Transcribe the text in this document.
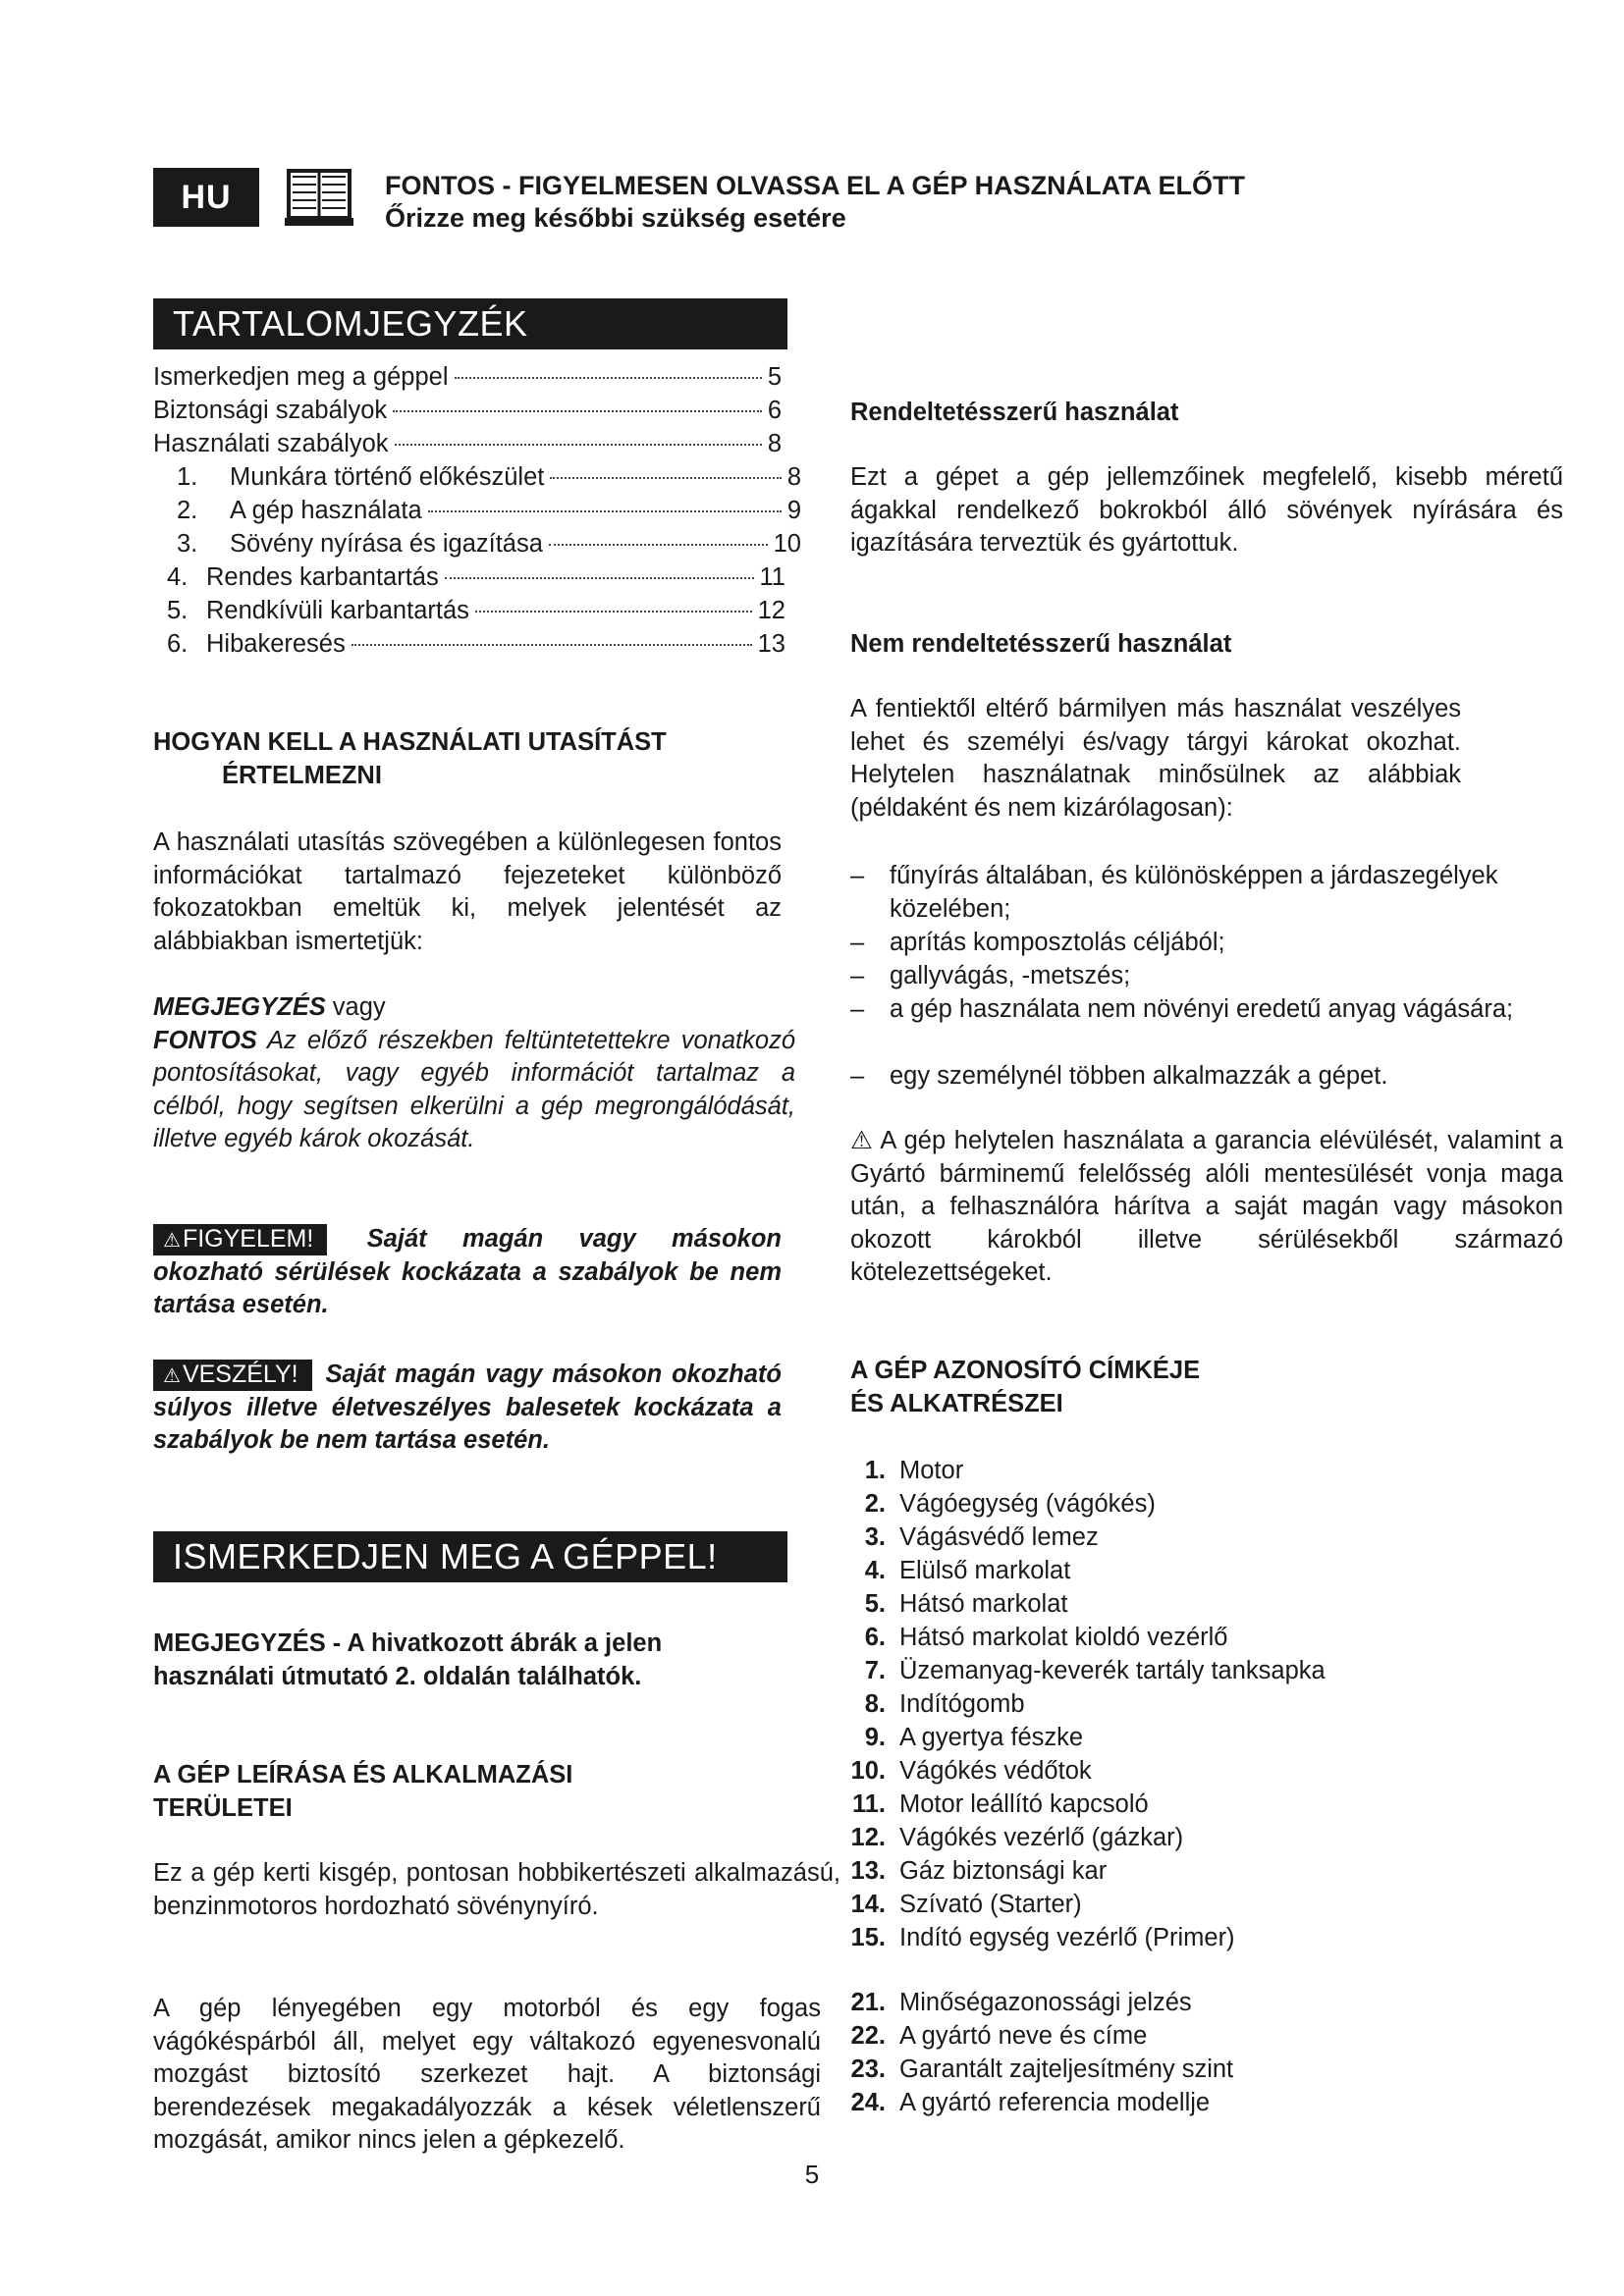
HU	FONTOS - FIGYELMESEN OLVASSA EL A GÉP HASZNÁLATA ELŐTT
Őrizze meg későbbi szükség esetére
TARTALOMJEGYZÉK
Ismerkedjen meg a géppel	5
Biztonsági szabályok	6
Használati szabályok	8
1.	Munkára történő előkészület	8
2.	A gép használata	9
3.	Sövény nyírása és igazítása	10
4. Rendes karbantartás	11
5. Rendkívüli karbantartás	12
6. Hibakeresés	13
HOGYAN KELL A HASZNÁLATI UTASÍTÁST
ÉRTELMEZNI

A használati utasítás szövegében a különlegesen fontos információkat tartalmazó fejezeteket különböző fokozatokban emeltük ki, melyek jelentését az alábbiakban ismertetjük:

MEGJEGYZÉS vagy
FONTOS Az előző részekben feltüntetettekre vonatkozó pontosításokat, vagy egyéb információt tartalmaz a célból, hogy segítsen elkerülni a gép megrongálódását, illetve egyéb károk okozását.
⚠FIGYELEM! Saját magán vagy másokon okozható sérülések kockázata a szabályok be nem tartása esetén.
⚠VESZÉLY! Saját magán vagy másokon okozható súlyos illetve életveszélyes balesetek kockázata a szabályok be nem tartása esetén.
ISMERKEDJEN MEG A GÉPPEL!

MEGJEGYZÉS - A hivatkozott ábrák a jelen használati útmutató 2. oldalán találhatók.

A GÉP LEÍRÁSA ÉS ALKALMAZÁSI
TERÜLETEI

Ez a gép kerti kisgép, pontosan hobbikertészeti alkalmazású, benzinmotoros hordozható sövénynyíró.

A gép lényegében egy motorból és egy fogas vágókéspárból áll, melyet egy váltakozó egyenesvonalú mozgást biztosító szerkezet hajt. A biztonsági berendezések megakadályozzák a kések véletlenszerű mozgását, amikor nincs jelen a gépkezelő.

Rendeltetésszerű használat

Ezt a gépet a gép jellemzőinek megfelelő, kisebb méretű ágakkal rendelkező bokrokból álló sövények nyírására és igazítására terveztük és gyártottuk.

Nem rendeltetésszerű használat

A fentiektől eltérő bármilyen más használat veszélyes lehet és személyi és/vagy tárgyi károkat okozhat. Helytelen használatnak minősülnek az alábbiak (példaként és nem kizárólagosan):

– fűnyírás általában, és különösképpen a járdaszegélyek közelében;
– aprítás komposztolás céljából;
– gallyvágás, -metszés;
– a gép használata nem növényi eredetű anyag vágására;
– egy személynél többen alkalmazzák a gépet.
⚠ A gép helytelen használata a garancia elévülését, valamint a Gyártó bárminemű felelősség alóli mentesülését vonja maga után, a felhasználóra hárítva a saját magán vagy másokon okozott károkból illetve sérülésekből származó kötelezettségeket.
A GÉP AZONOSÍTÓ CÍMKÉJE
ÉS ALKATRÉSZEI
1. Motor
2. Vágóegység (vágókés)
3. Vágásvédő lemez
4. Elülső markolat
5. Hátsó markolat
6. Hátsó markolat kioldó vezérlő
7. Üzemanyag-keverék tartály tanksapka
8. Indítógomb
9. A gyertya fészke
10. Vágókés védőtok
11. Motor leállító kapcsoló
12. Vágókés vezérlő (gázkar)
13. Gáz biztonsági kar
14. Szívató (Starter)
15. Indító egység vezérlő (Primer)
21. Minőségazonossági jelzés
22. A gyártó neve és címe
23. Garantált zajteljesítmény szint
24. A gyártó referencia modellje
5
